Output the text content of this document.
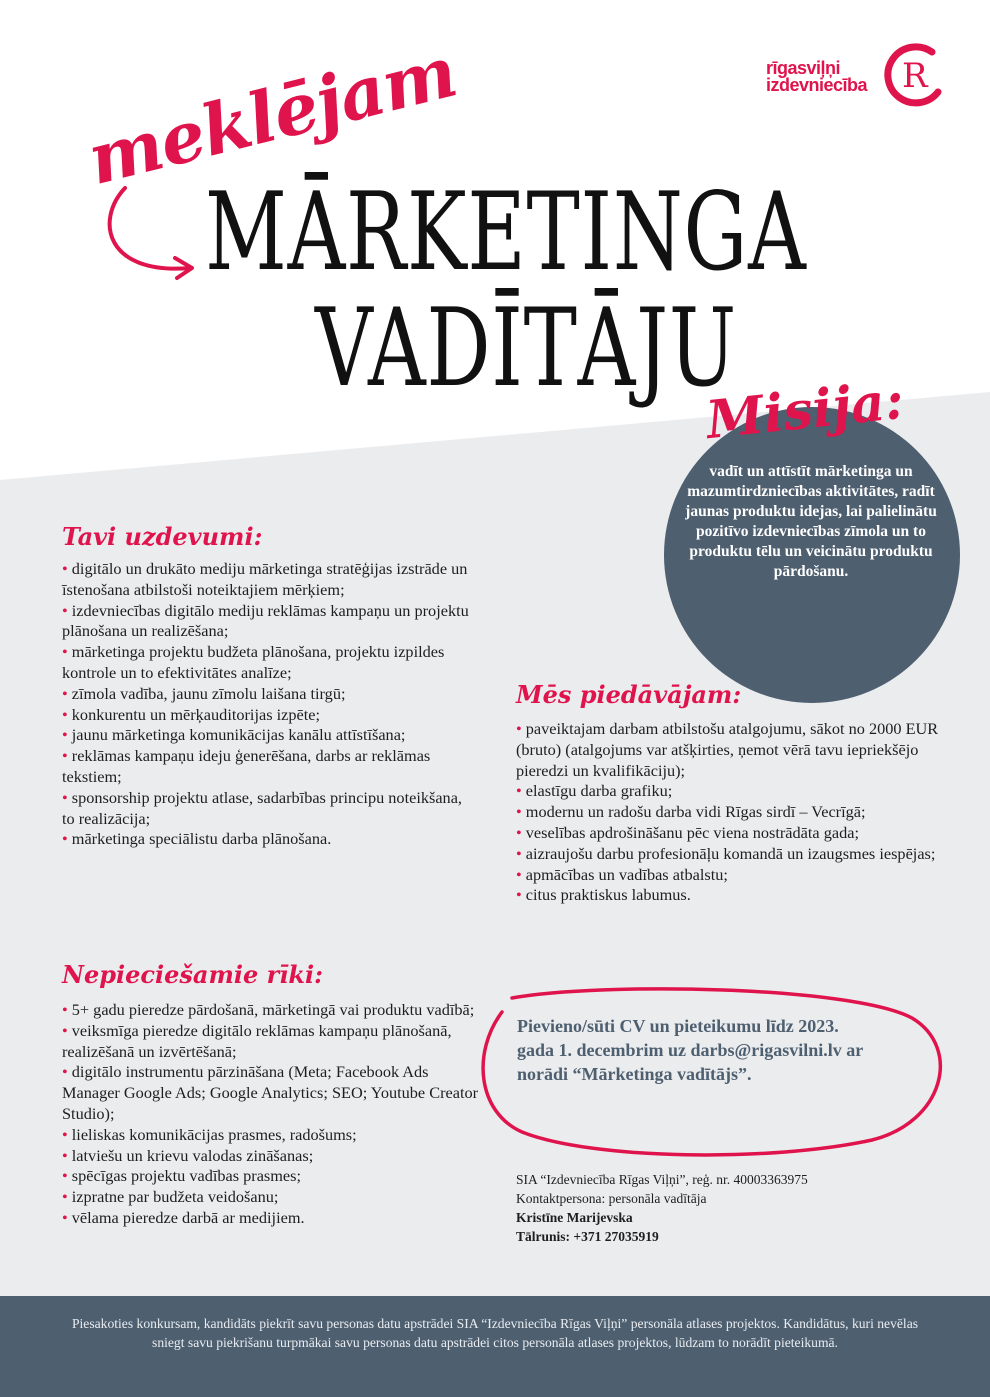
rīgasviļņi
izdevniecība R
meklējam
MĀRKETINGA
VADĪTĀJU
Misija:
vadīt un attīstīt mārketinga un mazumtirdzniecības aktivitātes, radīt jaunas produktu idejas, lai palielinātu pozitīvo izdevniecības zīmola un to produktu tēlu un veicinātu produktu pārdošanu.
Tavi uzdevumi:
• digitālo un drukāto mediju mārketinga stratēģijas izstrāde un īstenošana atbilstoši noteiktajiem mērķiem;
• izdevniecības digitālo mediju reklāmas kampaņu un projektu plānošana un realizēšana;
• mārketinga projektu budžeta plānošana, projektu izpildes kontrole un to efektivitātes analīze;
• zīmola vadība, jaunu zīmolu laišana tirgū;
• konkurentu un mērķauditorijas izpēte;
• jaunu mārketinga komunikācijas kanālu attīstīšana;
• reklāmas kampaņu ideju ģenerēšana, darbs ar reklāmas tekstiem;
• sponsorship projektu atlase, sadarbības principu noteikšana, to realizācija;
• mārketinga speciālistu darba plānošana.
Nepieciešamie rīki:
• 5+ gadu pieredze pārdošanā, mārketingā vai produktu vadībā;
• veiksmīga pieredze digitālo reklāmas kampaņu plānošanā, realizēšanā un izvērtēšanā;
• digitālo instrumentu pārzināšana (Meta; Facebook Ads Manager Google Ads; Google Analytics; SEO; Youtube Creator Studio);
• lieliskas komunikācijas prasmes, radošums;
• latviešu un krievu valodas zināšanas;
• spēcīgas projektu vadības prasmes;
• izpratne par budžeta veidošanu;
• vēlama pieredze darbā ar medijiem.
Mēs piedāvājam:
• paveiktajam darbam atbilstošu atalgojumu, sākot no 2000 EUR (bruto) (atalgojums var atšķirties, ņemot vērā tavu iepriekšējo pieredzi un kvalifikāciju);
• elastīgu darba grafiku;
• modernu un radošu darba vidi Rīgas sirdī – Vecrīgā;
• veselības apdrošināšanu pēc viena nostrādāta gada;
• aizraujošu darbu profesionāļu komandā un izaugsmes iespējas;
• apmācības un vadības atbalstu;
• citus praktiskus labumus.
Pievieno/sūti CV un pieteikumu līdz 2023. gada 1. decembrim uz darbs@rigasvilni.lv ar norādi “Mārketinga vadītājs”.
SIA “Izdevniecība Rīgas Viļņi”, reģ. nr. 40003363975
Kontaktpersona: personāla vadītāja
Kristīne Marijevska
Tālrunis: +371 27035919
Piesakoties konkursam, kandidāts piekrīt savu personas datu apstrādei SIA “Izdevniecība Rīgas Viļņi” personāla atlases projektos. Kandidātus, kuri nevēlas sniegt savu piekrišanu turpmākai savu personas datu apstrādei citos personāla atlases projektos, lūdzam to norādīt pieteikumā.
